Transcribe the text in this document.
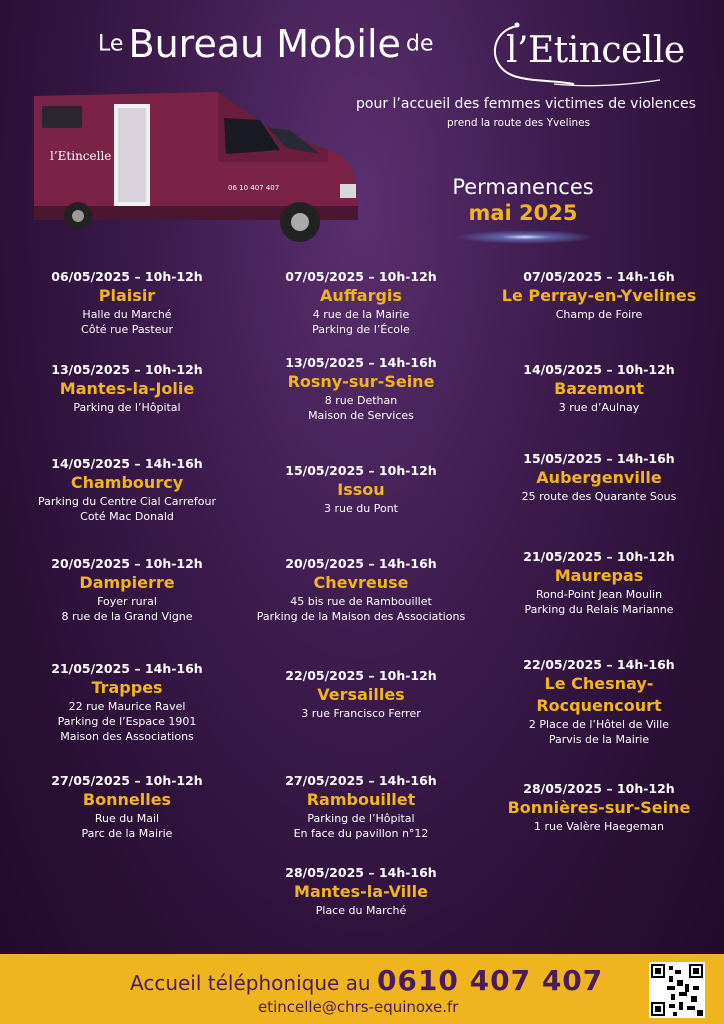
Le Bureau Mobile de l’Etincelle
pour l’accueil des femmes victimes de violences
prend la route des Yvelines
06 10 407 407
l’Etincelle
Permanences
mai 2025
06/05/2025 – 10h-12h
Plaisir
Halle du Marché
Côté rue Pasteur
13/05/2025 – 10h-12h
Mantes-la-Jolie
Parking de l’Hôpital
14/05/2025 – 14h-16h
Chambourcy
Parking du Centre Cial Carrefour
Coté Mac Donald
20/05/2025 – 10h-12h
Dampierre
Foyer rural
8 rue de la Grand Vigne
21/05/2025 – 14h-16h
Trappes
22 rue Maurice Ravel
Parking de l’Espace 1901
Maison des Associations
27/05/2025 – 10h-12h
Bonnelles
Rue du Mail
Parc de la Mairie
07/05/2025 – 10h-12h
Auffargis
4 rue de la Mairie
Parking de l’École
13/05/2025 – 14h-16h
Rosny-sur-Seine
8 rue Dethan
Maison de Services
15/05/2025 – 10h-12h
Issou
3 rue du Pont
20/05/2025 – 14h-16h
Chevreuse
45 bis rue de Rambouillet
Parking de la Maison des Associations
22/05/2025 – 10h-12h
Versailles
3 rue Francisco Ferrer
27/05/2025 – 14h-16h
Rambouillet
Parking de l’Hôpital
En face du pavillon n°12
28/05/2025 – 14h-16h
Mantes-la-Ville
Place du Marché
07/05/2025 – 14h-16h
Le Perray-en-Yvelines
Champ de Foire
14/05/2025 – 10h-12h
Bazemont
3 rue d’Aulnay
15/05/2025 – 14h-16h
Aubergenville
25 route des Quarante Sous
21/05/2025 – 10h-12h
Maurepas
Rond-Point Jean Moulin
Parking du Relais Marianne
22/05/2025 – 14h-16h
Le Chesnay-
Rocquencourt
2 Place de l’Hôtel de Ville
Parvis de la Mairie
28/05/2025 – 10h-12h
Bonnières-sur-Seine
1 rue Valère Haegeman
Accueil téléphonique au 0610 407 407
etincelle@chrs-equinoxe.fr
